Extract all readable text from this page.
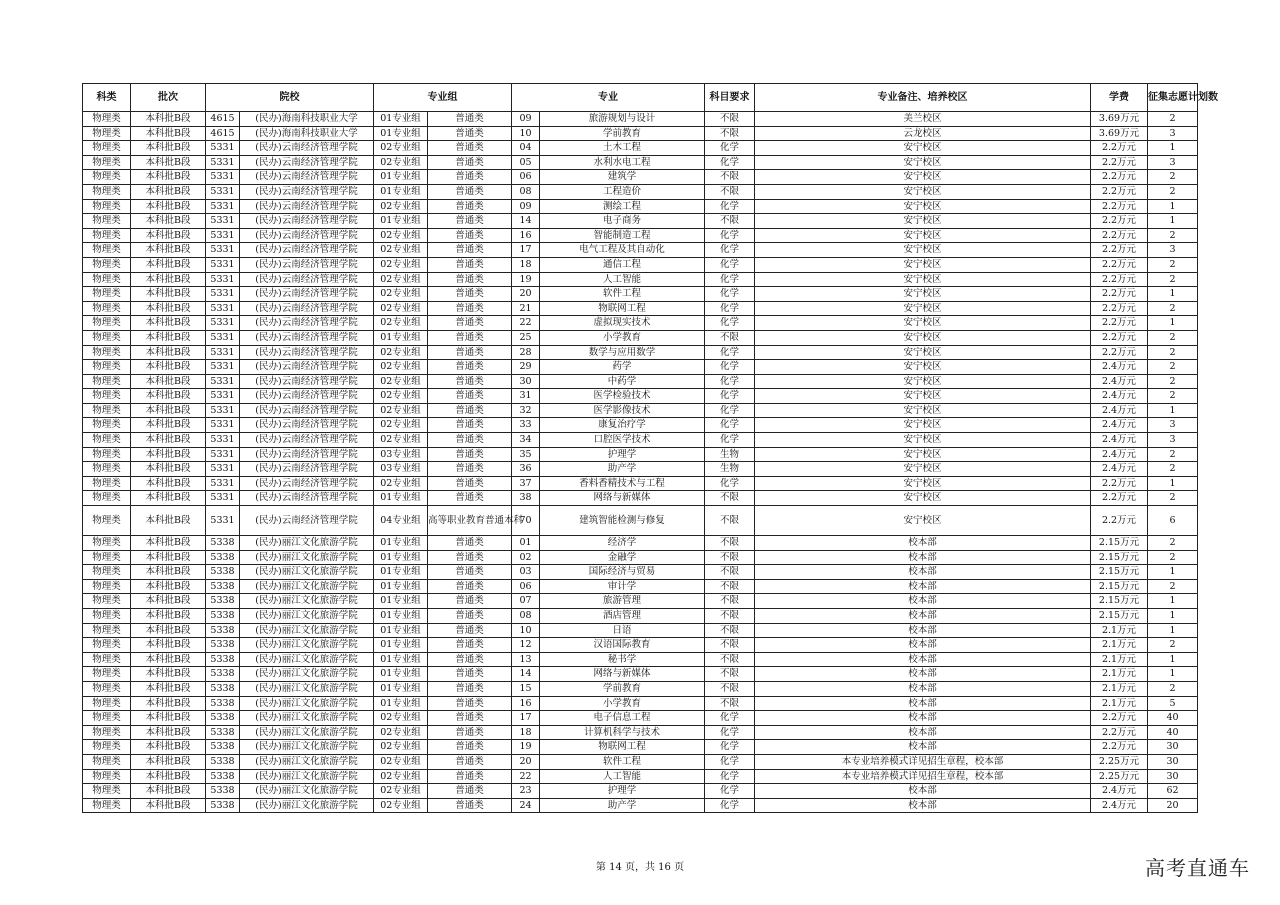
科类	批次	院校		专业组		专业		科目要求	专业备注、培养校区	学费	征集志愿计划数
物理类	本科批B段	4615	(民办)海南科技职业大学	01专业组	普通类	09	旅游规划与设计	不限	美兰校区	3.69万元	2
物理类	本科批B段	4615	(民办)海南科技职业大学	01专业组	普通类	10	学前教育	不限	云龙校区	3.69万元	3
物理类	本科批B段	5331	(民办)云南经济管理学院	02专业组	普通类	04	土木工程	化学	安宁校区	2.2万元	1
物理类	本科批B段	5331	(民办)云南经济管理学院	02专业组	普通类	05	水利水电工程	化学	安宁校区	2.2万元	3
物理类	本科批B段	5331	(民办)云南经济管理学院	01专业组	普通类	06	建筑学	不限	安宁校区	2.2万元	2
物理类	本科批B段	5331	(民办)云南经济管理学院	01专业组	普通类	08	工程造价	不限	安宁校区	2.2万元	2
物理类	本科批B段	5331	(民办)云南经济管理学院	02专业组	普通类	09	测绘工程	化学	安宁校区	2.2万元	1
物理类	本科批B段	5331	(民办)云南经济管理学院	01专业组	普通类	14	电子商务	不限	安宁校区	2.2万元	1
物理类	本科批B段	5331	(民办)云南经济管理学院	02专业组	普通类	16	智能制造工程	化学	安宁校区	2.2万元	2
物理类	本科批B段	5331	(民办)云南经济管理学院	02专业组	普通类	17	电气工程及其自动化	化学	安宁校区	2.2万元	3
物理类	本科批B段	5331	(民办)云南经济管理学院	02专业组	普通类	18	通信工程	化学	安宁校区	2.2万元	2
物理类	本科批B段	5331	(民办)云南经济管理学院	02专业组	普通类	19	人工智能	化学	安宁校区	2.2万元	2
物理类	本科批B段	5331	(民办)云南经济管理学院	02专业组	普通类	20	软件工程	化学	安宁校区	2.2万元	1
物理类	本科批B段	5331	(民办)云南经济管理学院	02专业组	普通类	21	物联网工程	化学	安宁校区	2.2万元	2
物理类	本科批B段	5331	(民办)云南经济管理学院	02专业组	普通类	22	虚拟现实技术	化学	安宁校区	2.2万元	1
物理类	本科批B段	5331	(民办)云南经济管理学院	01专业组	普通类	25	小学教育	不限	安宁校区	2.2万元	2
物理类	本科批B段	5331	(民办)云南经济管理学院	02专业组	普通类	28	数学与应用数学	化学	安宁校区	2.2万元	2
物理类	本科批B段	5331	(民办)云南经济管理学院	02专业组	普通类	29	药学	化学	安宁校区	2.4万元	2
物理类	本科批B段	5331	(民办)云南经济管理学院	02专业组	普通类	30	中药学	化学	安宁校区	2.4万元	2
物理类	本科批B段	5331	(民办)云南经济管理学院	02专业组	普通类	31	医学检验技术	化学	安宁校区	2.4万元	2
物理类	本科批B段	5331	(民办)云南经济管理学院	02专业组	普通类	32	医学影像技术	化学	安宁校区	2.4万元	1
物理类	本科批B段	5331	(民办)云南经济管理学院	02专业组	普通类	33	康复治疗学	化学	安宁校区	2.4万元	3
物理类	本科批B段	5331	(民办)云南经济管理学院	02专业组	普通类	34	口腔医学技术	化学	安宁校区	2.4万元	3
物理类	本科批B段	5331	(民办)云南经济管理学院	03专业组	普通类	35	护理学	生物	安宁校区	2.4万元	2
物理类	本科批B段	5331	(民办)云南经济管理学院	03专业组	普通类	36	助产学	生物	安宁校区	2.4万元	2
物理类	本科批B段	5331	(民办)云南经济管理学院	02专业组	普通类	37	香料香精技术与工程	化学	安宁校区	2.2万元	1
物理类	本科批B段	5331	(民办)云南经济管理学院	01专业组	普通类	38	网络与新媒体	不限	安宁校区	2.2万元	2
物理类	本科批B段	5331	(民办)云南经济管理学院	04专业组	高等职业教育普通本科	70	建筑智能检测与修复	不限	安宁校区	2.2万元	6
物理类	本科批B段	5338	(民办)丽江文化旅游学院	01专业组	普通类	01	经济学	不限	校本部	2.15万元	2
物理类	本科批B段	5338	(民办)丽江文化旅游学院	01专业组	普通类	02	金融学	不限	校本部	2.15万元	2
物理类	本科批B段	5338	(民办)丽江文化旅游学院	01专业组	普通类	03	国际经济与贸易	不限	校本部	2.15万元	1
物理类	本科批B段	5338	(民办)丽江文化旅游学院	01专业组	普通类	06	审计学	不限	校本部	2.15万元	2
物理类	本科批B段	5338	(民办)丽江文化旅游学院	01专业组	普通类	07	旅游管理	不限	校本部	2.15万元	1
物理类	本科批B段	5338	(民办)丽江文化旅游学院	01专业组	普通类	08	酒店管理	不限	校本部	2.15万元	1
物理类	本科批B段	5338	(民办)丽江文化旅游学院	01专业组	普通类	10	日语	不限	校本部	2.1万元	1
物理类	本科批B段	5338	(民办)丽江文化旅游学院	01专业组	普通类	12	汉语国际教育	不限	校本部	2.1万元	2
物理类	本科批B段	5338	(民办)丽江文化旅游学院	01专业组	普通类	13	秘书学	不限	校本部	2.1万元	1
物理类	本科批B段	5338	(民办)丽江文化旅游学院	01专业组	普通类	14	网络与新媒体	不限	校本部	2.1万元	1
物理类	本科批B段	5338	(民办)丽江文化旅游学院	01专业组	普通类	15	学前教育	不限	校本部	2.1万元	2
物理类	本科批B段	5338	(民办)丽江文化旅游学院	01专业组	普通类	16	小学教育	不限	校本部	2.1万元	5
物理类	本科批B段	5338	(民办)丽江文化旅游学院	02专业组	普通类	17	电子信息工程	化学	校本部	2.2万元	40
物理类	本科批B段	5338	(民办)丽江文化旅游学院	02专业组	普通类	18	计算机科学与技术	化学	校本部	2.2万元	40
物理类	本科批B段	5338	(民办)丽江文化旅游学院	02专业组	普通类	19	物联网工程	化学	校本部	2.2万元	30
物理类	本科批B段	5338	(民办)丽江文化旅游学院	02专业组	普通类	20	软件工程	化学	本专业培养模式详见招生章程，校本部	2.25万元	30
物理类	本科批B段	5338	(民办)丽江文化旅游学院	02专业组	普通类	22	人工智能	化学	本专业培养模式详见招生章程，校本部	2.25万元	30
物理类	本科批B段	5338	(民办)丽江文化旅游学院	02专业组	普通类	23	护理学	化学	校本部	2.4万元	62
物理类	本科批B段	5338	(民办)丽江文化旅游学院	02专业组	普通类	24	助产学	化学	校本部	2.4万元	20
第 14 页，共 16 页	高考直通车
